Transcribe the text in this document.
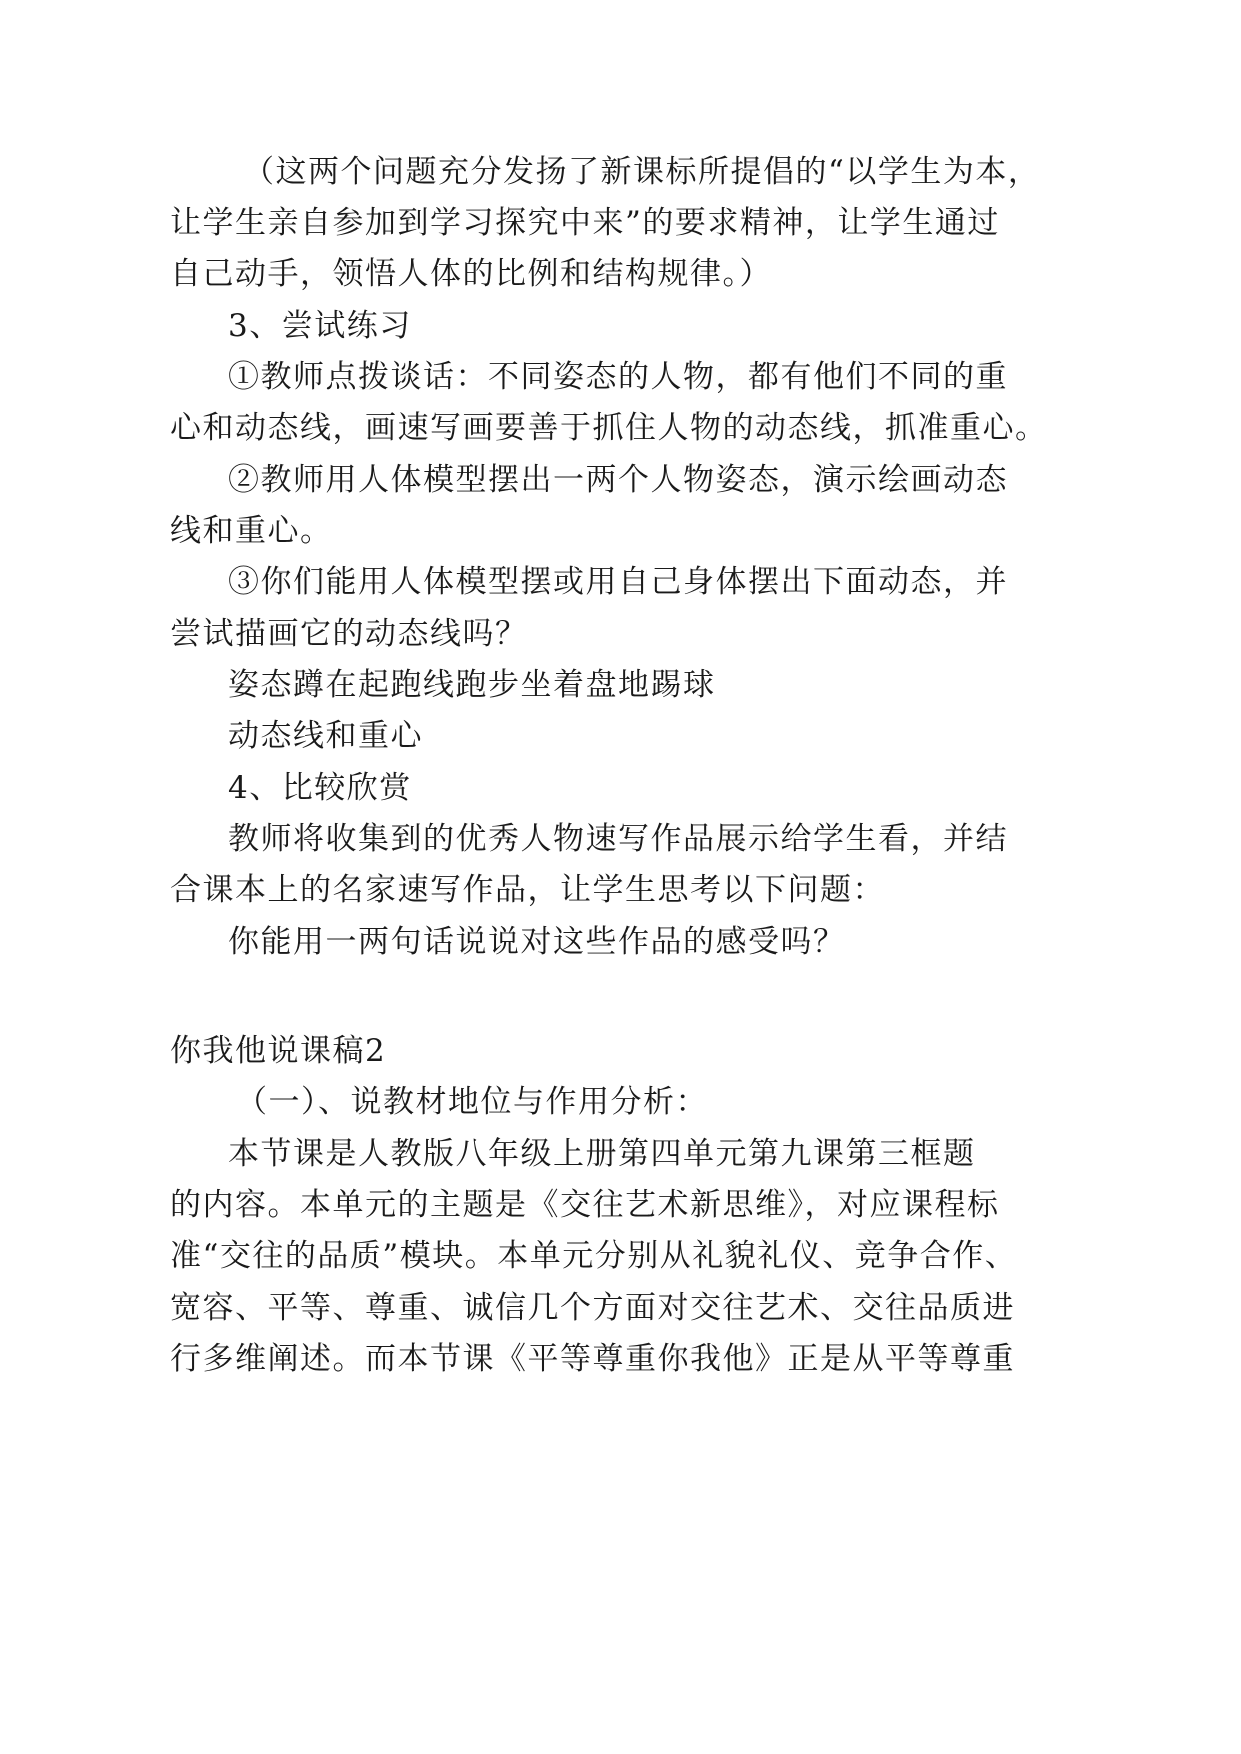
（这两个问题充分发扬了新课标所提倡的“以学生为本，
让学生亲自参加到学习探究中来”的要求精神，让学生通过
自己动手，领悟人体的比例和结构规律。）
3、尝试练习
①教师点拨谈话：不同姿态的人物，都有他们不同的重
心和动态线，画速写画要善于抓住人物的动态线，抓准重心。
②教师用人体模型摆出一两个人物姿态，演示绘画动态
线和重心。
③你们能用人体模型摆或用自己身体摆出下面动态，并
尝试描画它的动态线吗？
姿态蹲在起跑线跑步坐着盘地踢球
动态线和重心
4、比较欣赏
教师将收集到的优秀人物速写作品展示给学生看，并结
合课本上的名家速写作品，让学生思考以下问题：
你能用一两句话说说对这些作品的感受吗？
你我他说课稿2
（一）、说教材地位与作用分析：
本节课是人教版八年级上册第四单元第九课第三框题
的内容。本单元的主题是《交往艺术新思维》，对应课程标
准“交往的品质”模块。本单元分别从礼貌礼仪、竞争合作、
宽容、平等、尊重、诚信几个方面对交往艺术、交往品质进
行多维阐述。而本节课《平等尊重你我他》正是从平等尊重
